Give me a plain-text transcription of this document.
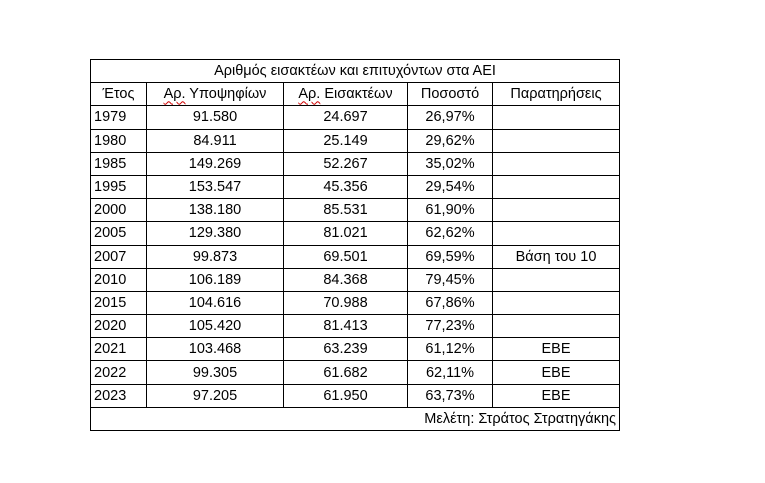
Αριθμός εισακτέων και επιτυχόντων στα ΑΕΙ				
Έτος	Αρ. Υποψηφίων	Αρ. Εισακτέων	Ποσοστό	Παρατηρήσεις
1979	91.580	24.697	26,97%	
1980	84.911	25.149	29,62%	
1985	149.269	52.267	35,02%	
1995	153.547	45.356	29,54%	
2000	138.180	85.531	61,90%	
2005	129.380	81.021	62,62%	
2007	99.873	69.501	69,59%	Βάση του 10
2010	106.189	84.368	79,45%	
2015	104.616	70.988	67,86%	
2020	105.420	81.413	77,23%	
2021	103.468	63.239	61,12%	ΕΒΕ
2022	99.305	61.682	62,11%	ΕΒΕ
2023	97.205	61.950	63,73%	ΕΒΕ
Μελέτη: Στράτος Στρατηγάκης				
